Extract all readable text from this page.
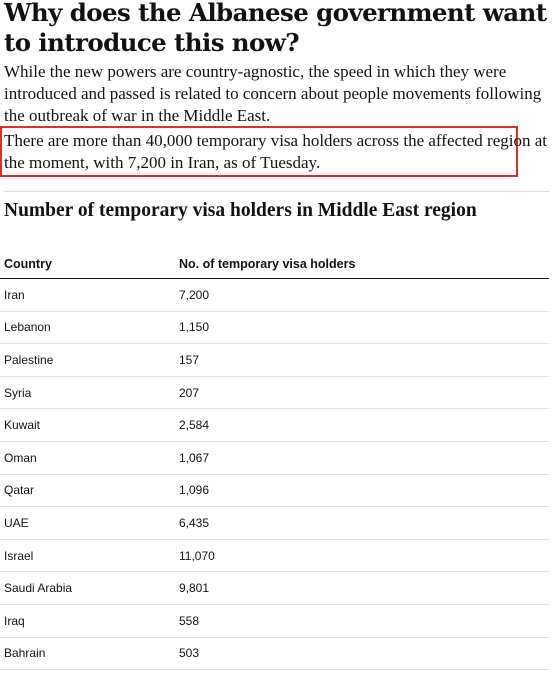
Why does the Albanese government want to introduce this now?

While the new powers are country-agnostic, the speed in which they were introduced and passed is related to concern about people movements following the outbreak of war in the Middle East.

There are more than 40,000 temporary visa holders across the affected region at the moment, with 7,200 in Iran, as of Tuesday.

Number of temporary visa holders in Middle East region
Country	No. of temporary visa holders
Iran	7,200
Lebanon	1,150
Palestine	157
Syria	207
Kuwait	2,584
Oman	1,067
Qatar	1,096
UAE	6,435
Israel	11,070
Saudi Arabia	9,801
Iraq	558
Bahrain	503
